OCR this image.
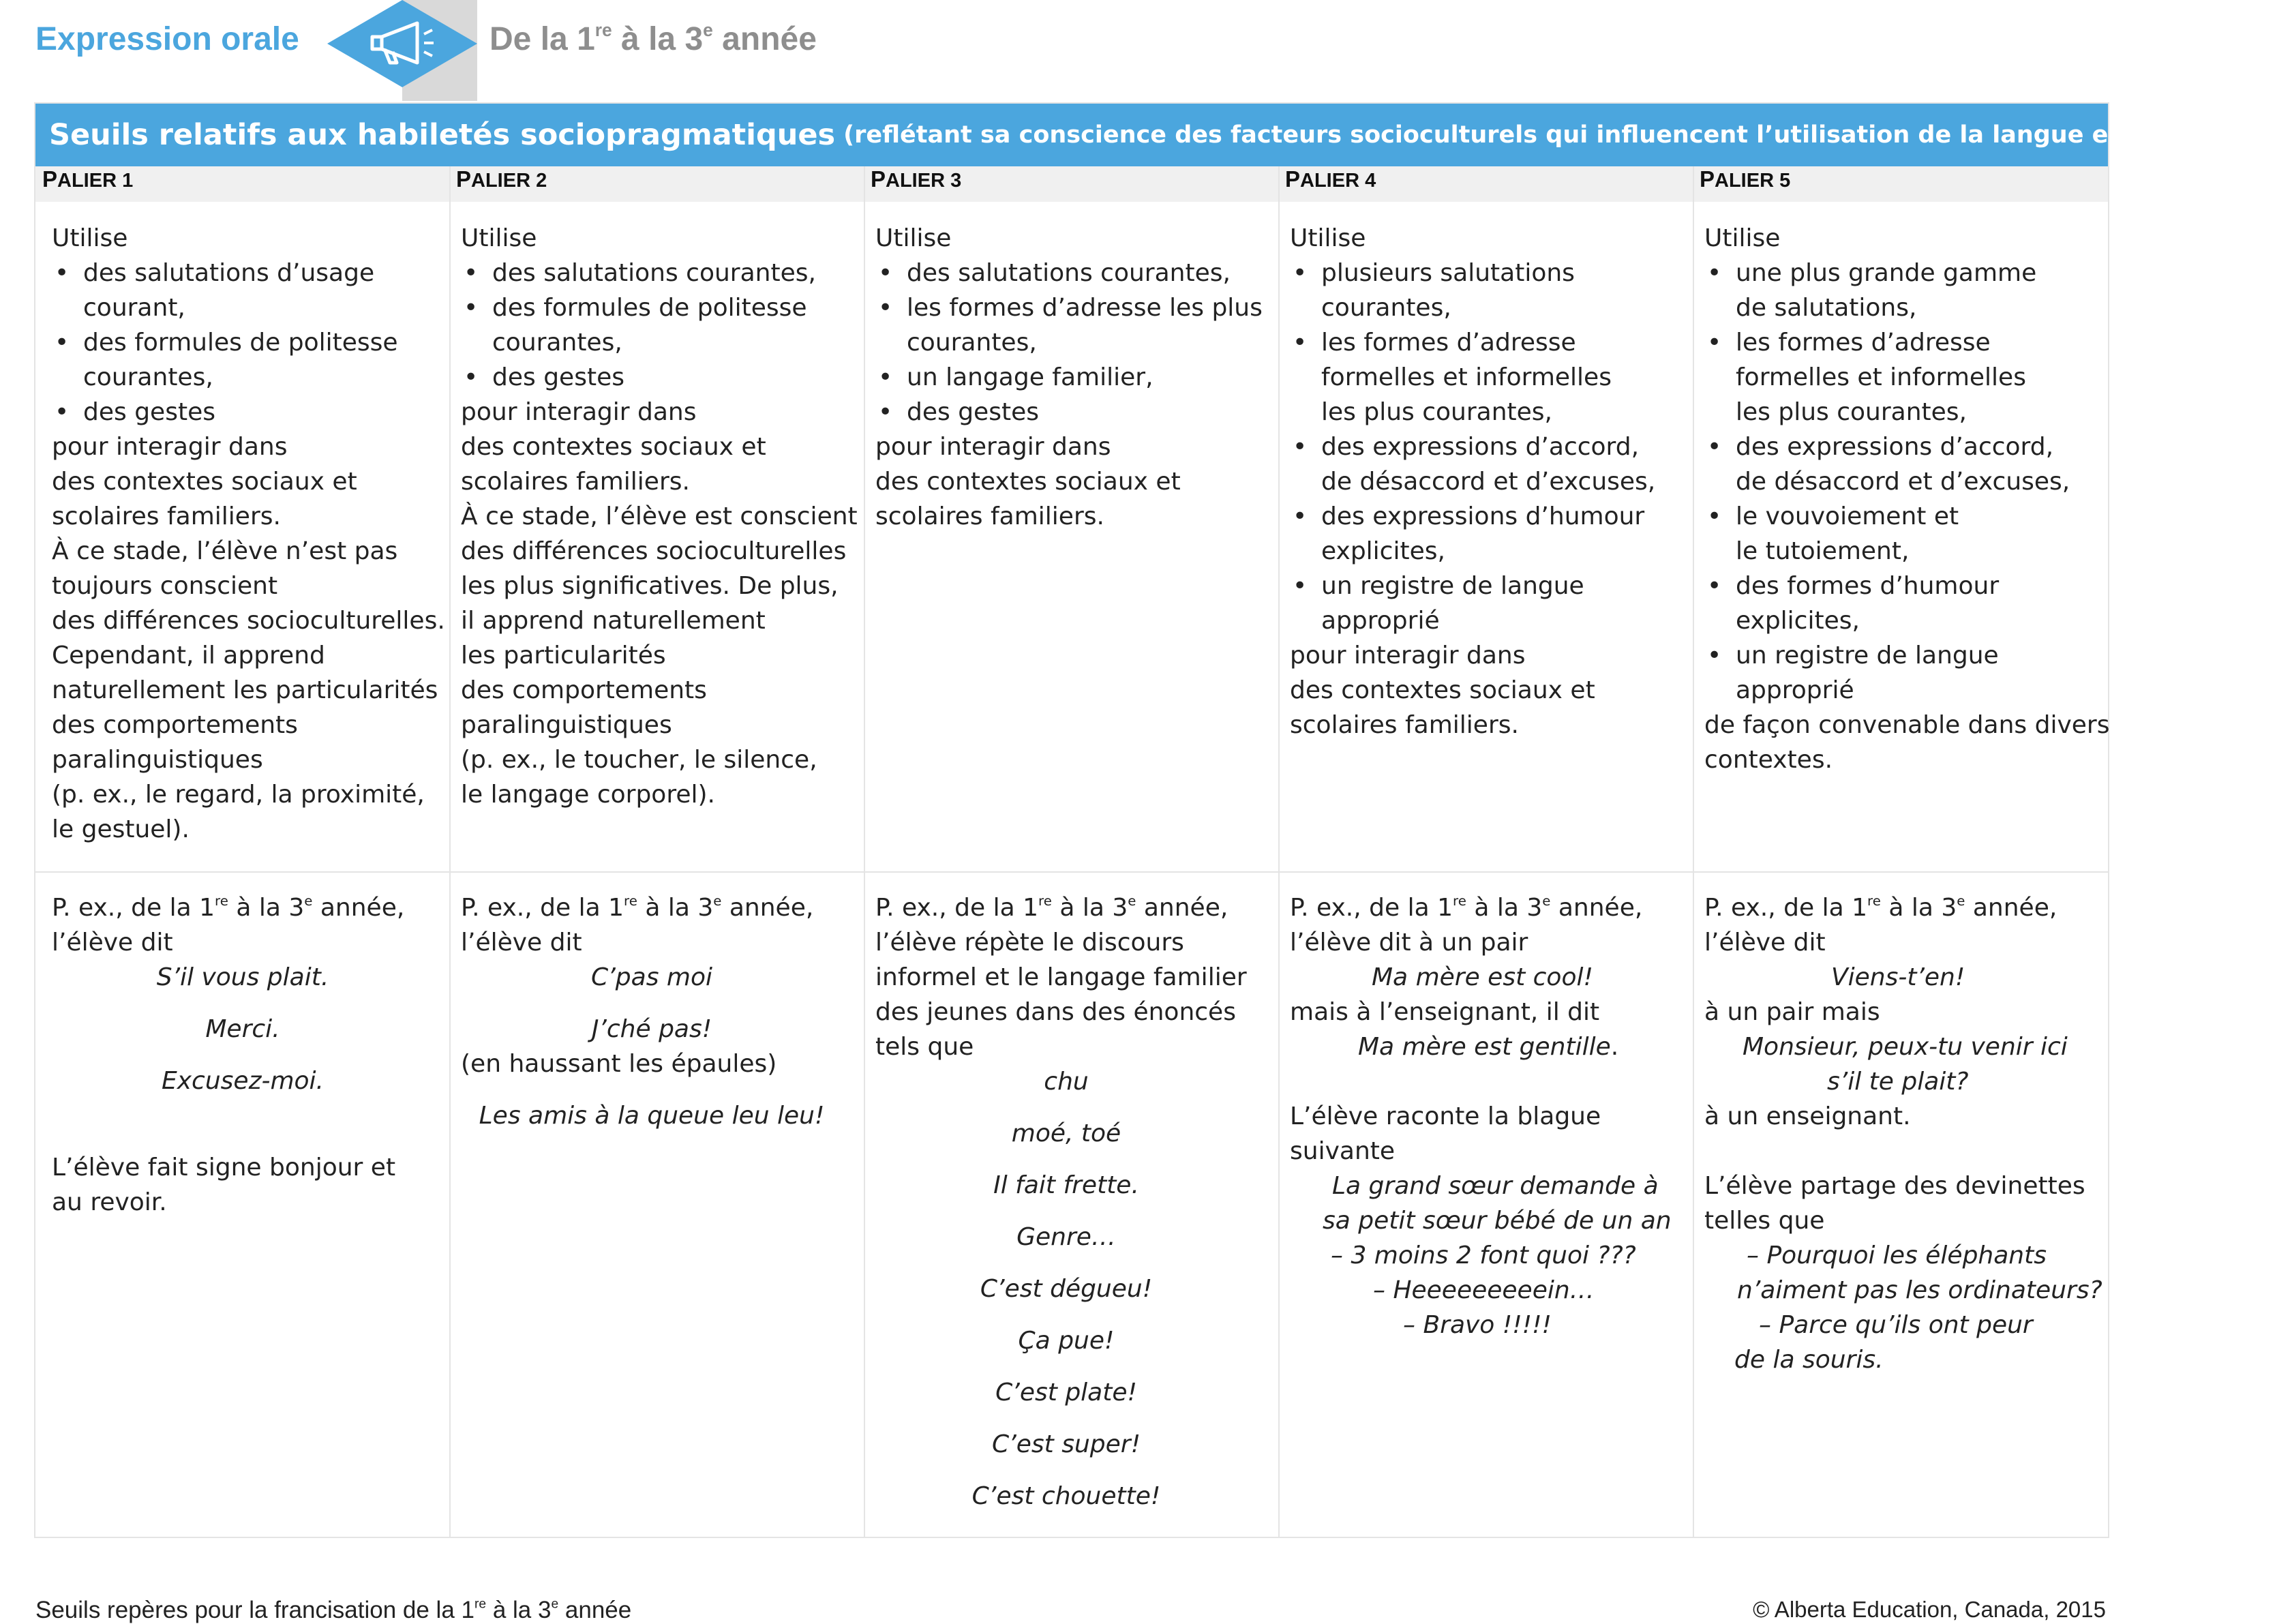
Expression orale	De la 1re à la 3e année
Seuils relatifs aux habiletés sociopragmatiques (reflétant sa conscience des facteurs socioculturels qui influencent l’utilisation de la langue en interaction)
PALIER 1	PALIER 2	PALIER 3	PALIER 4	PALIER 5
Utilise
• des salutations d’usage
courant,
• des formules de politesse
courantes,
• des gestes
pour interagir dans
des contextes sociaux et
scolaires familiers.
À ce stade, l’élève n’est pas
toujours conscient
des différences socioculturelles.
Cependant, il apprend
naturellement les particularités
des comportements
paralinguistiques
(p. ex., le regard, la proximité,
le gestuel).
Utilise
• des salutations courantes,
• des formules de politesse
courantes,
• des gestes
pour interagir dans
des contextes sociaux et
scolaires familiers.
À ce stade, l’élève est conscient
des différences socioculturelles
les plus significatives. De plus,
il apprend naturellement
les particularités
des comportements
paralinguistiques
(p. ex., le toucher, le silence,
le langage corporel).
Utilise
• des salutations courantes,
• les formes d’adresse les plus
courantes,
• un langage familier,
• des gestes
pour interagir dans
des contextes sociaux et
scolaires familiers.
Utilise
• plusieurs salutations
courantes,
• les formes d’adresse
formelles et informelles
les plus courantes,
• des expressions d’accord,
de désaccord et d’excuses,
• des expressions d’humour
explicites,
• un registre de langue
approprié
pour interagir dans
des contextes sociaux et
scolaires familiers.
Utilise
• une plus grande gamme
de salutations,
• les formes d’adresse
formelles et informelles
les plus courantes,
• des expressions d’accord,
de désaccord et d’excuses,
• le vouvoiement et
le tutoiement,
• des formes d’humour
explicites,
• un registre de langue
approprié
de façon convenable dans divers
contextes.
P. ex., de la 1re à la 3e année,
l’élève dit
S’il vous plait.
Merci.
Excusez-moi.
L’élève fait signe bonjour et
au revoir.
P. ex., de la 1re à la 3e année,
l’élève dit
C’pas moi
J’ché pas!
(en haussant les épaules)
Les amis à la queue leu leu!
P. ex., de la 1re à la 3e année,
l’élève répète le discours
informel et le langage familier
des jeunes dans des énoncés
tels que
chu
moé, toé
Il fait frette.
Genre…
C’est dégueu!
Ça pue!
C’est plate!
C’est super!
C’est chouette!
P. ex., de la 1re à la 3e année,
l’élève dit à un pair
Ma mère est cool!
mais à l’enseignant, il dit
Ma mère est gentille.
L’élève raconte la blague
suivante
La grand sœur demande à
sa petit sœur bébé de un an
– 3 moins 2 font quoi ???
– Heeeeeeeeein…
– Bravo !!!!!
P. ex., de la 1re à la 3e année,
l’élève dit
Viens-t’en!
à un pair mais
Monsieur, peux-tu venir ici
s’il te plait?
à un enseignant.
L’élève partage des devinettes
telles que
– Pourquoi les éléphants
n’aiment pas les ordinateurs?
– Parce qu’ils ont peur
de la souris.
Seuils repères pour la francisation de la 1re à la 3e année	© Alberta Education, Canada, 2015
